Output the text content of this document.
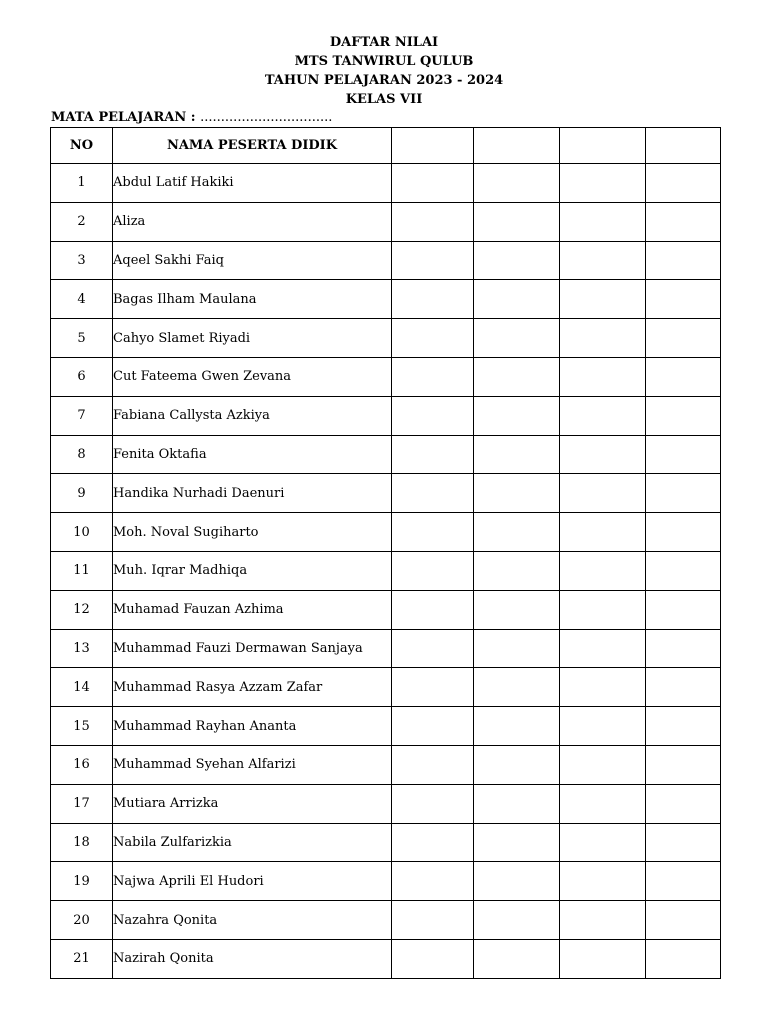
DAFTAR NILAI
MTS TANWIRUL QULUB
TAHUN PELAJARAN 2023 - 2024
KELAS VII
MATA PELAJARAN : ................................
NO	NAMA PESERTA DIDIK				
1	Abdul Latif Hakiki				
2	Aliza				
3	Aqeel Sakhi Faiq				
4	Bagas Ilham Maulana				
5	Cahyo Slamet Riyadi				
6	Cut Fateema Gwen Zevana				
7	Fabiana Callysta Azkiya				
8	Fenita Oktafia				
9	Handika Nurhadi Daenuri				
10	Moh. Noval Sugiharto				
11	Muh. Iqrar Madhiqa				
12	Muhamad Fauzan Azhima				
13	Muhammad Fauzi Dermawan Sanjaya				
14	Muhammad Rasya Azzam Zafar				
15	Muhammad Rayhan Ananta				
16	Muhammad Syehan Alfarizi				
17	Mutiara Arrizka				
18	Nabila Zulfarizkia				
19	Najwa Aprili El Hudori				
20	Nazahra Qonita				
21	Nazirah Qonita				
